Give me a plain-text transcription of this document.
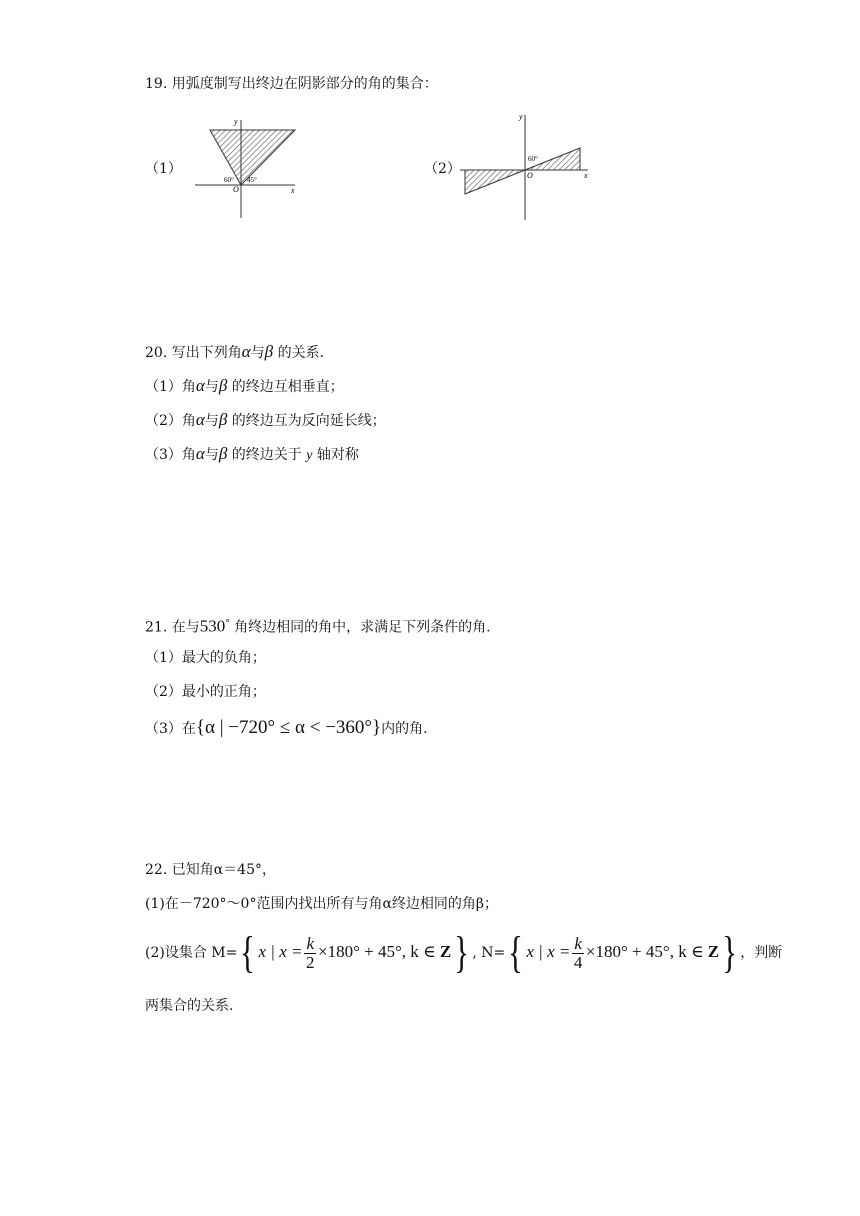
19. 用弧度制写出终边在阴影部分的角的集合：
（1）
y
x
O
60° 45°
（2）
y
x
O
60°
20. 写出下列角α与β 的关系.
（1）角α与β 的终边互相垂直；
（2）角α与β 的终边互为反向延长线；
（3）角α与β 的终边关于 y 轴对称
21. 在与530° 角终边相同的角中，求满足下列条件的角.
（1）最大的负角；
（2）最小的正角；
（3）在{α | −720° ≤ α < −360°}内的角.
22. 已知角α＝45°，
(1)在－720°～0°范围内找出所有与角α终边相同的角β；
(2)设集合 M={ x | $x = \frac{k}{2} \times 180^\circ + 45^\circ$, k ∈ Z} , N={ x | $x = \frac{k}{4} \times 180^\circ + 45^\circ$, k ∈ Z} ，判断
两集合的关系.
